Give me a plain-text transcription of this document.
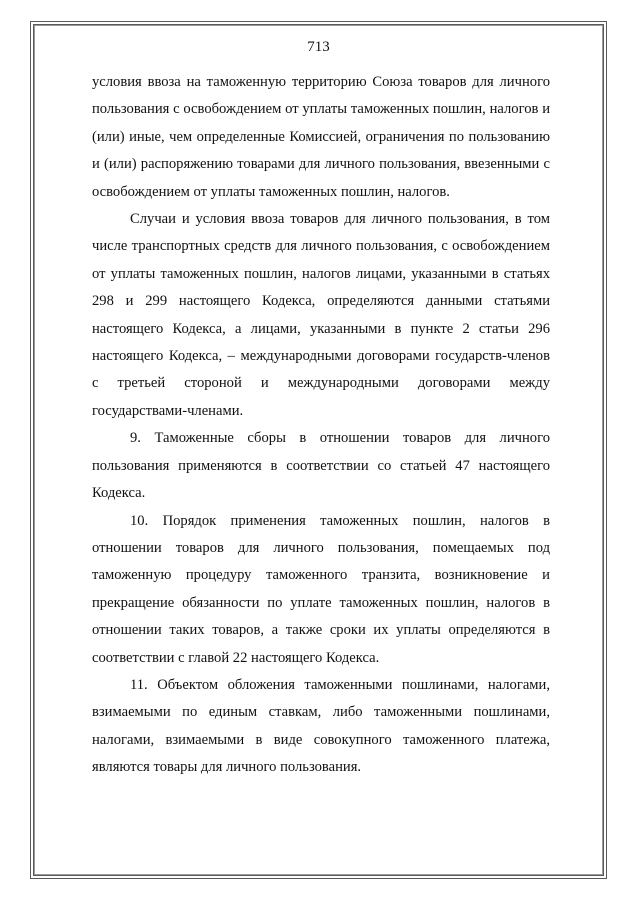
713

условия ввоза на таможенную территорию Союза товаров для личного пользования с освобождением от уплаты таможенных пошлин, налогов и (или) иные, чем определенные Комиссией, ограничения по пользованию и (или) распоряжению товарами для личного пользования, ввезенными с освобождением от уплаты таможенных пошлин, налогов.

Случаи и условия ввоза товаров для личного пользования, в том числе транспортных средств для личного пользования, с освобождением от уплаты таможенных пошлин, налогов лицами, указанными в статьях 298 и 299 настоящего Кодекса, определяются данными статьями настоящего Кодекса, а лицами, указанными в пункте 2 статьи 296 настоящего Кодекса, – международными договорами государств-членов с третьей стороной и международными договорами между государствами-членами.

9. Таможенные сборы в отношении товаров для личного пользования применяются в соответствии со статьей 47 настоящего Кодекса.

10. Порядок применения таможенных пошлин, налогов в отношении товаров для личного пользования, помещаемых под таможенную процедуру таможенного транзита, возникновение и прекращение обязанности по уплате таможенных пошлин, налогов в отношении таких товаров, а также сроки их уплаты определяются в соответствии с главой 22 настоящего Кодекса.

11. Объектом обложения таможенными пошлинами, налогами, взимаемыми по единым ставкам, либо таможенными пошлинами, налогами, взимаемыми в виде совокупного таможенного платежа, являются товары для личного пользования.
